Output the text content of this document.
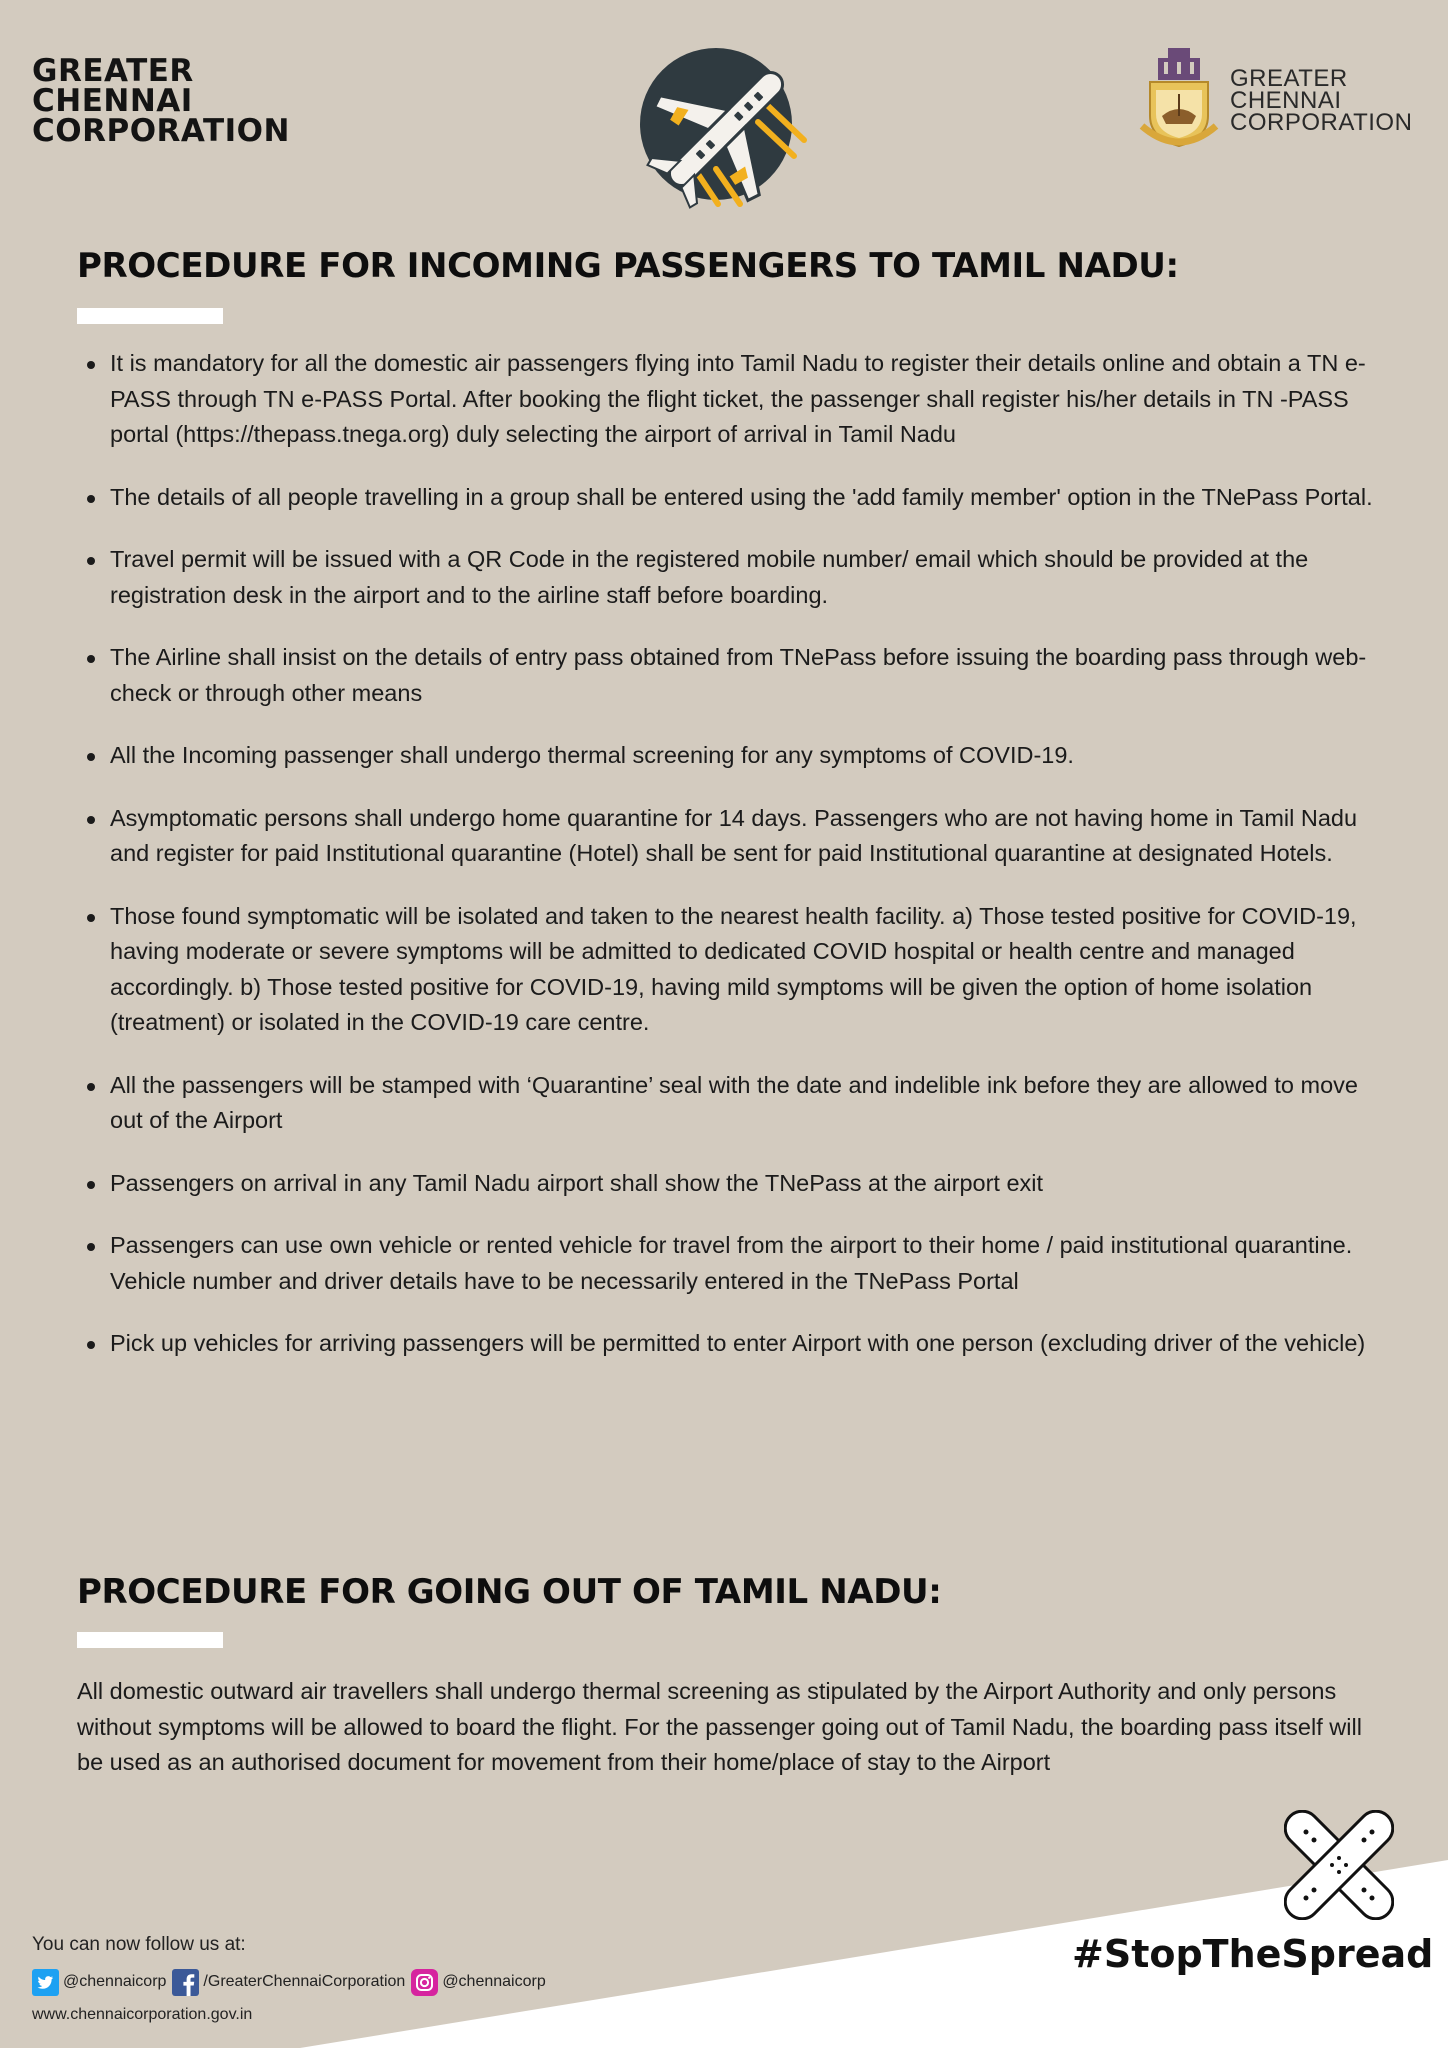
GREATER
CHENNAI
CORPORATION
GREATER
CHENNAI
CORPORATION
PROCEDURE FOR INCOMING PASSENGERS TO TAMIL NADU:
It is mandatory for all the domestic air passengers flying into Tamil Nadu to register their details online and obtain a TN e-PASS through TN e-PASS Portal. After booking the flight ticket, the passenger shall register his/her details in TN -PASS portal (https://thepass.tnega.org) duly selecting the airport of arrival in Tamil Nadu
The details of all people travelling in a group shall be entered using the 'add family member' option in the TNePass Portal.
Travel permit will be issued with a QR Code in the registered mobile number/ email which should be provided at the registration desk in the airport and to the airline staff before boarding.
The Airline shall insist on the details of entry pass obtained from TNePass before issuing the boarding pass through web-check or through other means
All the Incoming passenger shall undergo thermal screening for any symptoms of COVID-19.
Asymptomatic persons shall undergo home quarantine for 14 days. Passengers who are not having home in Tamil Nadu and register for paid Institutional quarantine (Hotel) shall be sent for paid Institutional quarantine at designated Hotels.
Those found symptomatic will be isolated and taken to the nearest health facility. a) Those tested positive for COVID-19, having moderate or severe symptoms will be admitted to dedicated COVID hospital or health centre and managed accordingly. b) Those tested positive for COVID-19, having mild symptoms will be given the option of home isolation (treatment) or isolated in the COVID-19 care centre.
All the passengers will be stamped with ‘Quarantine’ seal with the date and indelible ink before they are allowed to move out of the Airport
Passengers on arrival in any Tamil Nadu airport shall show the TNePass at the airport exit
Passengers can use own vehicle or rented vehicle for travel from the airport to their home / paid institutional quarantine. Vehicle number and driver details have to be necessarily entered in the TNePass Portal
Pick up vehicles for arriving passengers will be permitted to enter Airport with one person (excluding driver of the vehicle)
PROCEDURE FOR GOING OUT OF TAMIL NADU:
All domestic outward air travellers shall undergo thermal screening as stipulated by the Airport Authority and only persons without symptoms will be allowed to board the flight. For the passenger going out of Tamil Nadu, the boarding pass itself will be used as an authorised document for movement from their home/place of stay to the Airport
#StopTheSpread
You can now follow us at:
@chennaicorp /GreaterChennaiCorporation @chennaicorp
www.chennaicorporation.gov.in
